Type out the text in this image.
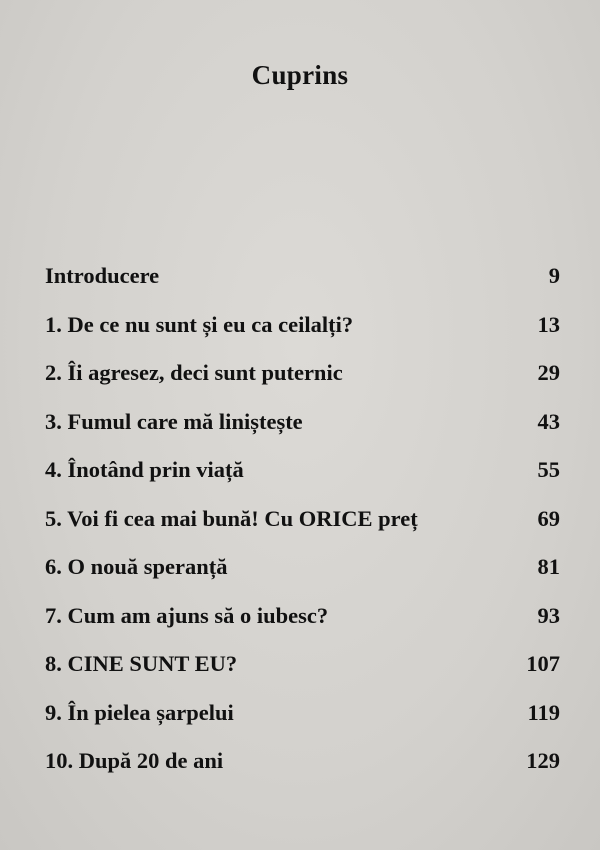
Cuprins
Introducere	9
1. De ce nu sunt și eu ca ceilalți?	13
2. Îi agresez, deci sunt puternic	29
3. Fumul care mă liniștește	43
4. Înotând prin viață	55
5. Voi fi cea mai bună! Cu ORICE preț	69
6. O nouă speranță	81
7. Cum am ajuns să o iubesc?	93
8. CINE SUNT EU?	107
9. În pielea șarpelui	119
10. După 20 de ani	129
